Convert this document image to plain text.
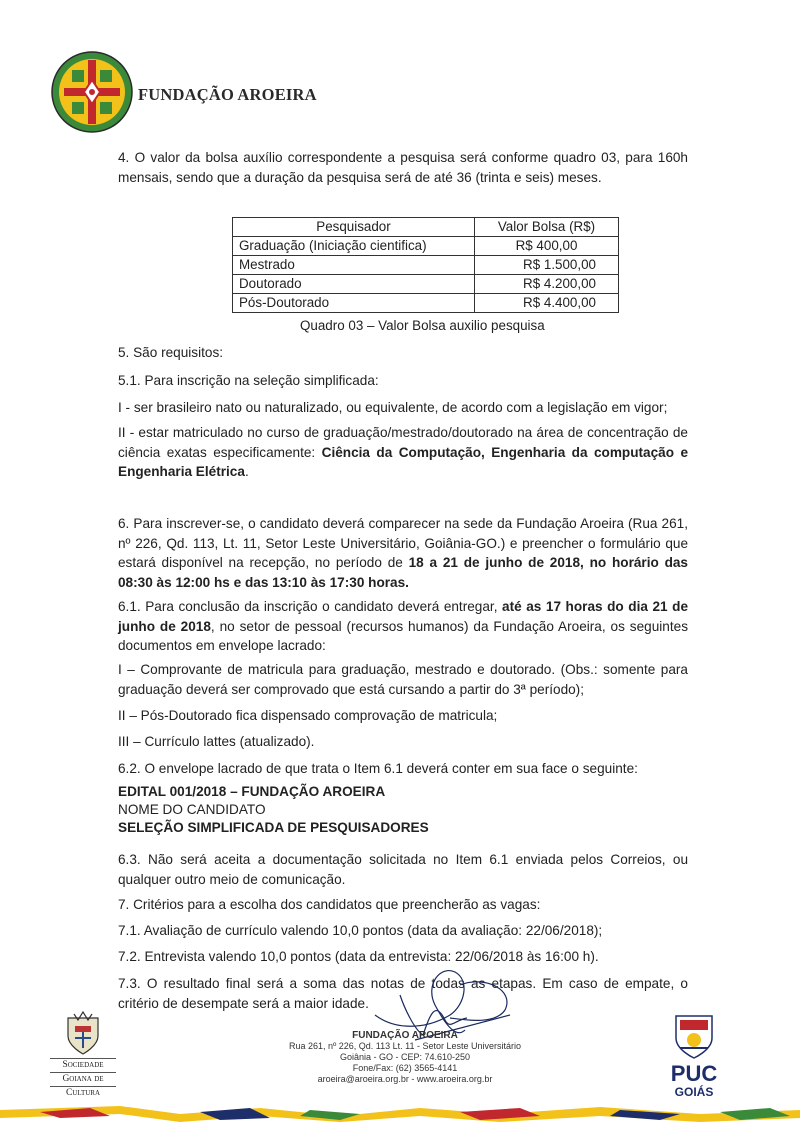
FUNDAÇÃO AROEIRA

4. O valor da bolsa auxílio correspondente a pesquisa será conforme quadro 03, para 160h mensais, sendo que a duração da pesquisa será de até 36 (trinta e seis) meses.

Pesquisador	Valor Bolsa (R$)
Graduação (Iniciação cientifica)	R$ 400,00
Mestrado	R$ 1.500,00
Doutorado	R$ 4.200,00
Pós-Doutorado	R$ 4.400,00
Quadro 03 – Valor Bolsa auxilio pesquisa

5. São requisitos:

5.1. Para inscrição na seleção simplificada:

I - ser brasileiro nato ou naturalizado, ou equivalente, de acordo com a legislação em vigor;

II - estar matriculado no curso de graduação/mestrado/doutorado na área de concentração de ciência exatas especificamente: Ciência da Computação, Engenharia da computação e Engenharia Elétrica.

6. Para inscrever-se, o candidato deverá comparecer na sede da Fundação Aroeira (Rua 261, nº 226, Qd. 113, Lt. 11, Setor Leste Universitário, Goiânia-GO.) e preencher o formulário que estará disponível na recepção, no período de 18 a 21 de junho de 2018, no horário das 08:30 às 12:00 hs e das 13:10 às 17:30 horas.

6.1. Para conclusão da inscrição o candidato deverá entregar, até as 17 horas do dia 21 de junho de 2018, no setor de pessoal (recursos humanos) da Fundação Aroeira, os seguintes documentos em envelope lacrado:

I – Comprovante de matricula para graduação, mestrado e doutorado. (Obs.: somente para graduação deverá ser comprovado que está cursando a partir do 3ª período);

II – Pós-Doutorado fica dispensado comprovação de matricula;

III – Currículo lattes (atualizado).

6.2. O envelope lacrado de que trata o Item 6.1 deverá conter em sua face o seguinte:

EDITAL 001/2018 – FUNDAÇÃO AROEIRA
NOME DO CANDIDATO
SELEÇÃO SIMPLIFICADA DE PESQUISADORES

6.3. Não será aceita a documentação solicitada no Item 6.1 enviada pelos Correios, ou qualquer outro meio de comunicação.

7. Critérios para a escolha dos candidatos que preencherão as vagas:

7.1. Avaliação de currículo valendo 10,0 pontos (data da avaliação: 22/06/2018);

7.2. Entrevista valendo 10,0 pontos (data da entrevista: 22/06/2018 às 16:00 h).

7.3. O resultado final será a soma das notas de todas as etapas. Em caso de empate, o critério de desempate será a maior idade.

Sociedade
Goiana de
Cultura
FUNDAÇÃO AROEIRA
Rua 261, nº 226, Qd. 113 Lt. 11 - Setor Leste Universitário
Goiânia - GO - CEP: 74.610-250
Fone/Fax: (62) 3565-4141
aroeira@aroeira.org.br - www.aroeira.org.br	PUC
GOIÁS
